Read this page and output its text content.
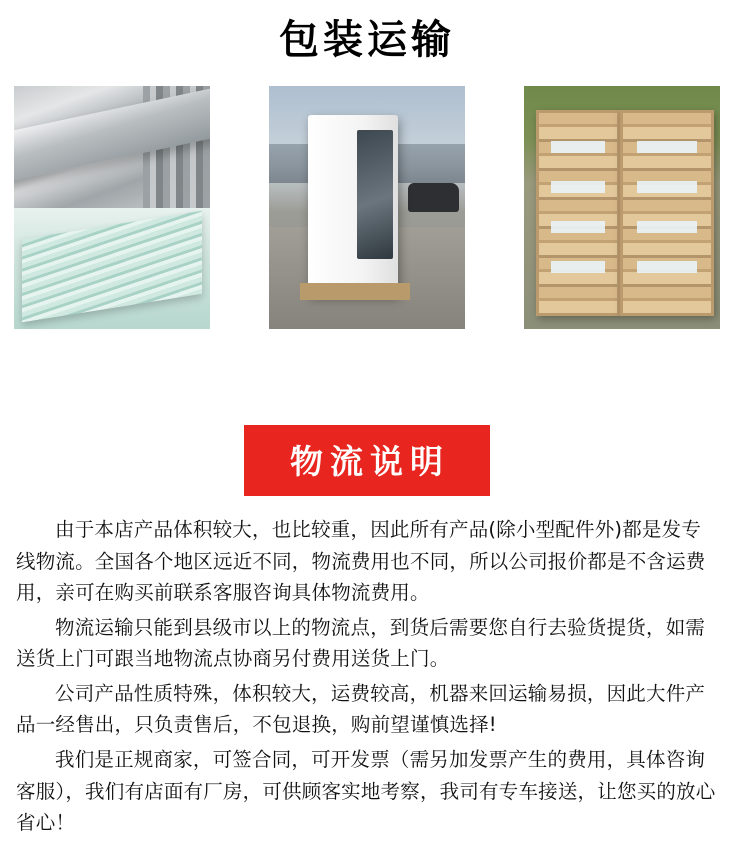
包装运输
物流说明

由于本店产品体积较大，也比较重，因此所有产品(除小型配件外)都是发专线物流。全国各个地区远近不同，物流费用也不同，所以公司报价都是不含运费用，亲可在购买前联系客服咨询具体物流费用。

物流运输只能到县级市以上的物流点，到货后需要您自行去验货提货，如需送货上门可跟当地物流点协商另付费用送货上门。

公司产品性质特殊，体积较大，运费较高，机器来回运输易损，因此大件产品一经售出，只负责售后，不包退换，购前望谨慎选择!

我们是正规商家，可签合同，可开发票（需另加发票产生的费用，具体咨询客服），我们有店面有厂房，可供顾客实地考察，我司有专车接送，让您买的放心省心！
